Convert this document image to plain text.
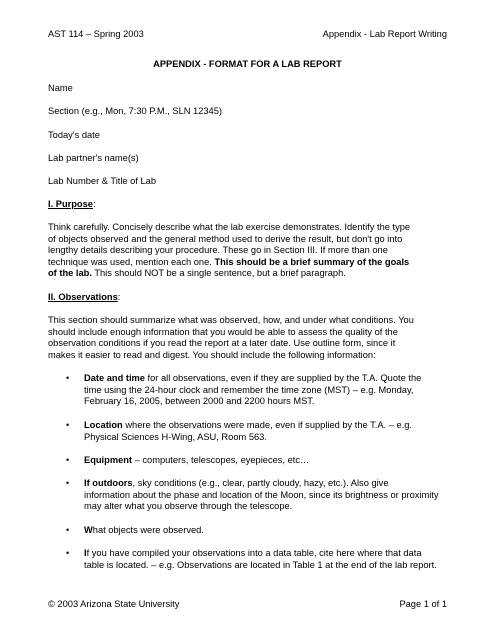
AST 114 – Spring 2003	Appendix - Lab Report Writing
APPENDIX - FORMAT FOR A LAB REPORT
Name
Section (e.g., Mon, 7:30 P.M., SLN 12345)
Today's date
Lab partner's name(s)
Lab Number & Title of Lab
I. Purpose:
Think carefully. Concisely describe what the lab exercise demonstrates. Identify the type
of objects observed and the general method used to derive the result, but don't go into
lengthy details describing your procedure. These go in Section III. If more than one
technique was used, mention each one. This should be a brief summary of the goals
of the lab. This should NOT be a single sentence, but a brief paragraph.
II. Observations:
This section should summarize what was observed, how, and under what conditions. You
should include enough information that you would be able to assess the quality of the
observation conditions if you read the report at a later date. Use outline form, since it
makes it easier to read and digest. You should include the following information:
•	Date and time for all observations, even if they are supplied by the T.A. Quote the
time using the 24-hour clock and remember the time zone (MST) – e.g. Monday,
February 16, 2005, between 2000 and 2200 hours MST.
•	Location where the observations were made, even if supplied by the T.A. – e.g.
Physical Sciences H-Wing, ASU, Room 563.
•	Equipment – computers, telescopes, eyepieces, etc…
•	If outdoors, sky conditions (e.g., clear, partly cloudy, hazy, etc.). Also give
information about the phase and location of the Moon, since its brightness or proximity
may alter what you observe through the telescope.
•	What objects were observed.
•	If you have compiled your observations into a data table, cite here where that data
table is located. – e.g. Observations are located in Table 1 at the end of the lab report.
© 2003 Arizona State University	Page 1 of 1
